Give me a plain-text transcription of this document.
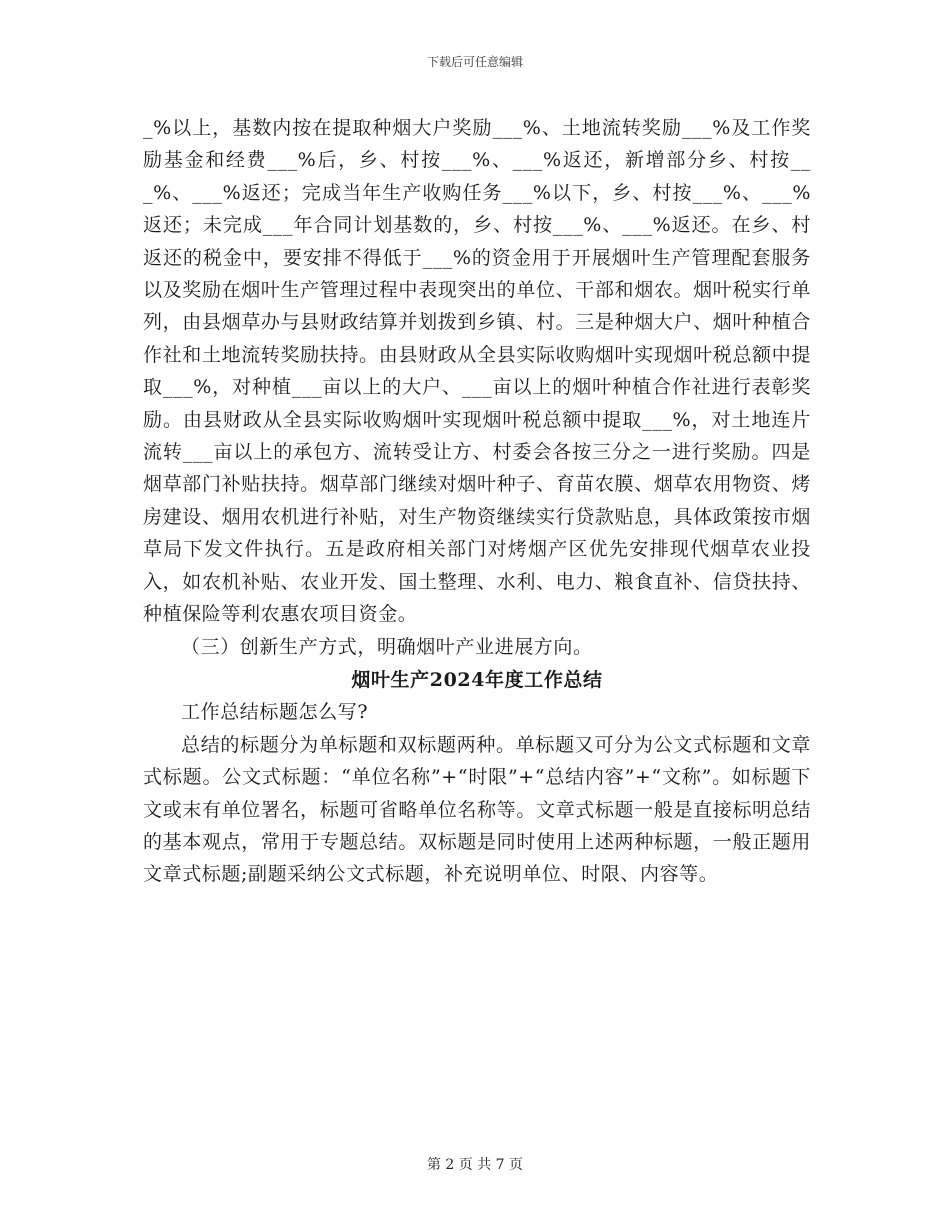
下载后可任意编辑

_%以上，基数内按在提取种烟大户奖励___%、土地流转奖励___%及工作奖励基金和经费___%后，乡、村按___%、___%返还，新增部分乡、村按___%、___%返还；完成当年生产收购任务___%以下，乡、村按___%、___%返还；未完成___年合同计划基数的，乡、村按___%、___%返还。在乡、村返还的税金中，要安排不得低于___%的资金用于开展烟叶生产管理配套服务以及奖励在烟叶生产管理过程中表现突出的单位、干部和烟农。烟叶税实行单列，由县烟草办与县财政结算并划拨到乡镇、村。三是种烟大户、烟叶种植合作社和土地流转奖励扶持。由县财政从全县实际收购烟叶实现烟叶税总额中提取___%，对种植___亩以上的大户、___亩以上的烟叶种植合作社进行表彰奖励。由县财政从全县实际收购烟叶实现烟叶税总额中提取___%，对土地连片流转___亩以上的承包方、流转受让方、村委会各按三分之一进行奖励。四是烟草部门补贴扶持。烟草部门继续对烟叶种子、育苗农膜、烟草农用物资、烤房建设、烟用农机进行补贴，对生产物资继续实行贷款贴息，具体政策按市烟草局下发文件执行。五是政府相关部门对烤烟产区优先安排现代烟草农业投入，如农机补贴、农业开发、国土整理、水利、电力、粮食直补、信贷扶持、种植保险等利农惠农项目资金。

（三）创新生产方式，明确烟叶产业进展方向。

烟叶生产2024年度工作总结

工作总结标题怎么写?

总结的标题分为单标题和双标题两种。单标题又可分为公文式标题和文章式标题。公文式标题：“单位名称”+“时限”+“总结内容”+“文称”。如标题下文或末有单位署名，标题可省略单位名称等。文章式标题一般是直接标明总结的基本观点，常用于专题总结。双标题是同时使用上述两种标题，一般正题用文章式标题;副题采纳公文式标题，补充说明单位、时限、内容等。

第 2 页 共 7 页
